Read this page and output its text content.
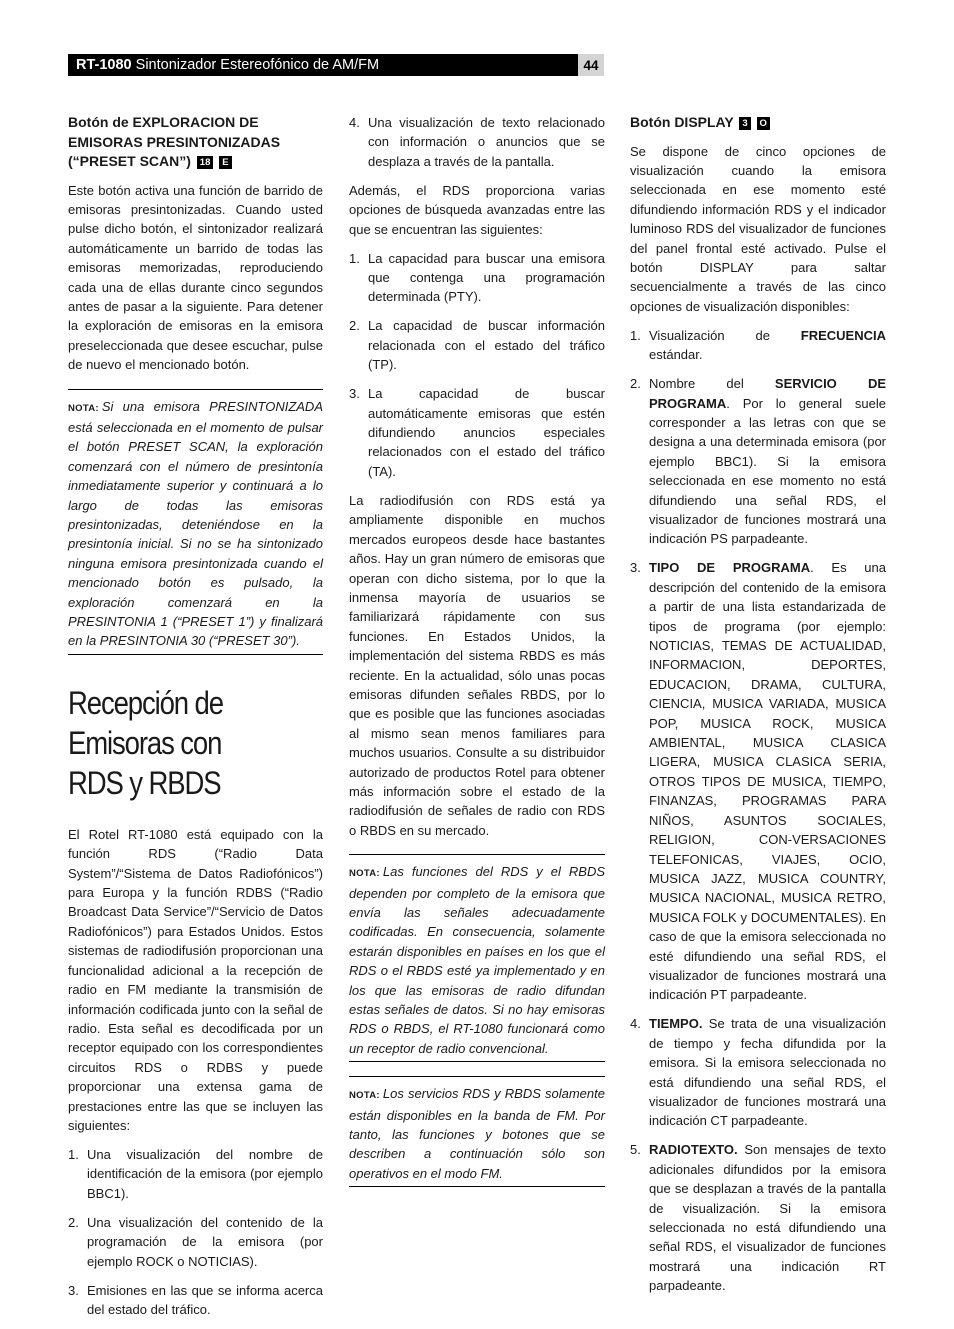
RT-1080 Sintonizador Estereofónico de AM/FM	44
Botón de EXPLORACION DE EMISORAS PRESINTONIZADAS (“PRESET SCAN”) 18 E

Este botón activa una función de barrido de emisoras presintonizadas. Cuando usted pulse dicho botón, el sintonizador realizará automáticamente un barrido de todas las emisoras memorizadas, reproduciendo cada una de ellas durante cinco segundos antes de pasar a la siguiente. Para detener la exploración de emisoras en la emisora preseleccionada que desee escuchar, pulse de nuevo el mencionado botón.

NOTA: Si una emisora PRESINTONIZADA está seleccionada en el momento de pulsar el botón PRESET SCAN, la exploración comenzará con el número de presintonía inmediatamente superior y continuará a lo largo de todas las emisoras presintonizadas, deteniéndose en la presintonía inicial. Si no se ha sintonizado ninguna emisora presintonizada cuando el mencionado botón es pulsado, la exploración comenzará en la PRESINTONIA 1 (“PRESET 1”) y finalizará en la PRESINTONIA 30 (“PRESET 30”).
Recepción de Emisoras con
RDS y RBDS

El Rotel RT-1080 está equipado con la función RDS (“Radio Data System”/“Sistema de Datos Radiofónicos”) para Europa y la función RDBS (“Radio Broadcast Data Service”/“Servicio de Datos Radiofónicos”) para Estados Unidos. Estos sistemas de radiodifusión proporcionan una funcionalidad adicional a la recepción de radio en FM mediante la transmisión de información codificada junto con la señal de radio. Esta señal es decodificada por un receptor equipado con los correspondientes circuitos RDS o RDBS y puede proporcionar una extensa gama de prestaciones entre las que se incluyen las siguientes:

1. Una visualización del nombre de identificación de la emisora (por ejemplo BBC1).
2. Una visualización del contenido de la programación de la emisora (por ejemplo ROCK o NOTICIAS).
3. Emisiones en las que se informa acerca del estado del tráfico.
4. Una visualización de texto relacionado con información o anuncios que se desplaza a través de la pantalla.

Además, el RDS proporciona varias opciones de búsqueda avanzadas entre las que se encuentran las siguientes:

1. La capacidad para buscar una emisora que contenga una programación determinada (PTY).
2. La capacidad de buscar información relacionada con el estado del tráfico (TP).
3. La capacidad de buscar automáticamente emisoras que estén difundiendo anuncios especiales relacionados con el estado del tráfico (TA).

La radiodifusión con RDS está ya ampliamente disponible en muchos mercados europeos desde hace bastantes años. Hay un gran número de emisoras que operan con dicho sistema, por lo que la inmensa mayoría de usuarios se familiarizará rápidamente con sus funciones. En Estados Unidos, la implementación del sistema RBDS es más reciente. En la actualidad, sólo unas pocas emisoras difunden señales RBDS, por lo que es posible que las funciones asociadas al mismo sean menos familiares para muchos usuarios. Consulte a su distribuidor autorizado de productos Rotel para obtener más información sobre el estado de la radiodifusión de señales de radio con RDS o RBDS en su mercado.

NOTA: Las funciones del RDS y el RBDS dependen por completo de la emisora que envía las señales adecuadamente codificadas. En consecuencia, solamente estarán disponibles en países en los que el RDS o el RBDS esté ya implementado y en los que las emisoras de radio difundan estas señales de datos. Si no hay emisoras RDS o RBDS, el RT-1080 funcionará como un receptor de radio convencional.
NOTA: Los servicios RDS y RBDS solamente están disponibles en la banda de FM. Por tanto, las funciones y botones que se describen a continuación sólo son operativos en el modo FM.
Botón DISPLAY 3 O

Se dispone de cinco opciones de visualización cuando la emisora seleccionada en ese momento esté difundiendo información RDS y el indicador luminoso RDS del visualizador de funciones del panel frontal esté activado. Pulse el botón DISPLAY para saltar secuencialmente a través de las cinco opciones de visualización disponibles:

1. Visualización de FRECUENCIA estándar.
2. Nombre del SERVICIO DE PROGRAMA. Por lo general suele corresponder a las letras con que se designa a una determinada emisora (por ejemplo BBC1). Si la emisora seleccionada en ese momento no está difundiendo una señal RDS, el visualizador de funciones mostrará una indicación PS parpadeante.
3. TIPO DE PROGRAMA. Es una descripción del contenido de la emisora a partir de una lista estandarizada de tipos de programa (por ejemplo: NOTICIAS, TEMAS DE ACTUALIDAD, INFORMACION, DEPORTES, EDUCACION, DRAMA, CULTURA, CIENCIA, MUSICA VARIADA, MUSICA POP, MUSICA ROCK, MUSICA AMBIENTAL, MUSICA CLASICA LIGERA, MUSICA CLASICA SERIA, OTROS TIPOS DE MUSICA, TIEMPO, FINANZAS, PROGRAMAS PARA NIÑOS, ASUNTOS SOCIALES, RELIGION, CON-VERSACIONES TELEFONICAS, VIAJES, OCIO, MUSICA JAZZ, MUSICA COUNTRY, MUSICA NACIONAL, MUSICA RETRO, MUSICA FOLK y DOCUMENTALES). En caso de que la emisora seleccionada no esté difundiendo una señal RDS, el visualizador de funciones mostrará una indicación PT parpadeante.
4. TIEMPO. Se trata de una visualización de tiempo y fecha difundida por la emisora. Si la emisora seleccionada no está difundiendo una señal RDS, el visualizador de funciones mostrará una indicación CT parpadeante.
5. RADIOTEXTO. Son mensajes de texto adicionales difundidos por la emisora que se desplazan a través de la pantalla de visualización. Si la emisora seleccionada no está difundiendo una señal RDS, el visualizador de funciones mostrará una indicación RT parpadeante.
